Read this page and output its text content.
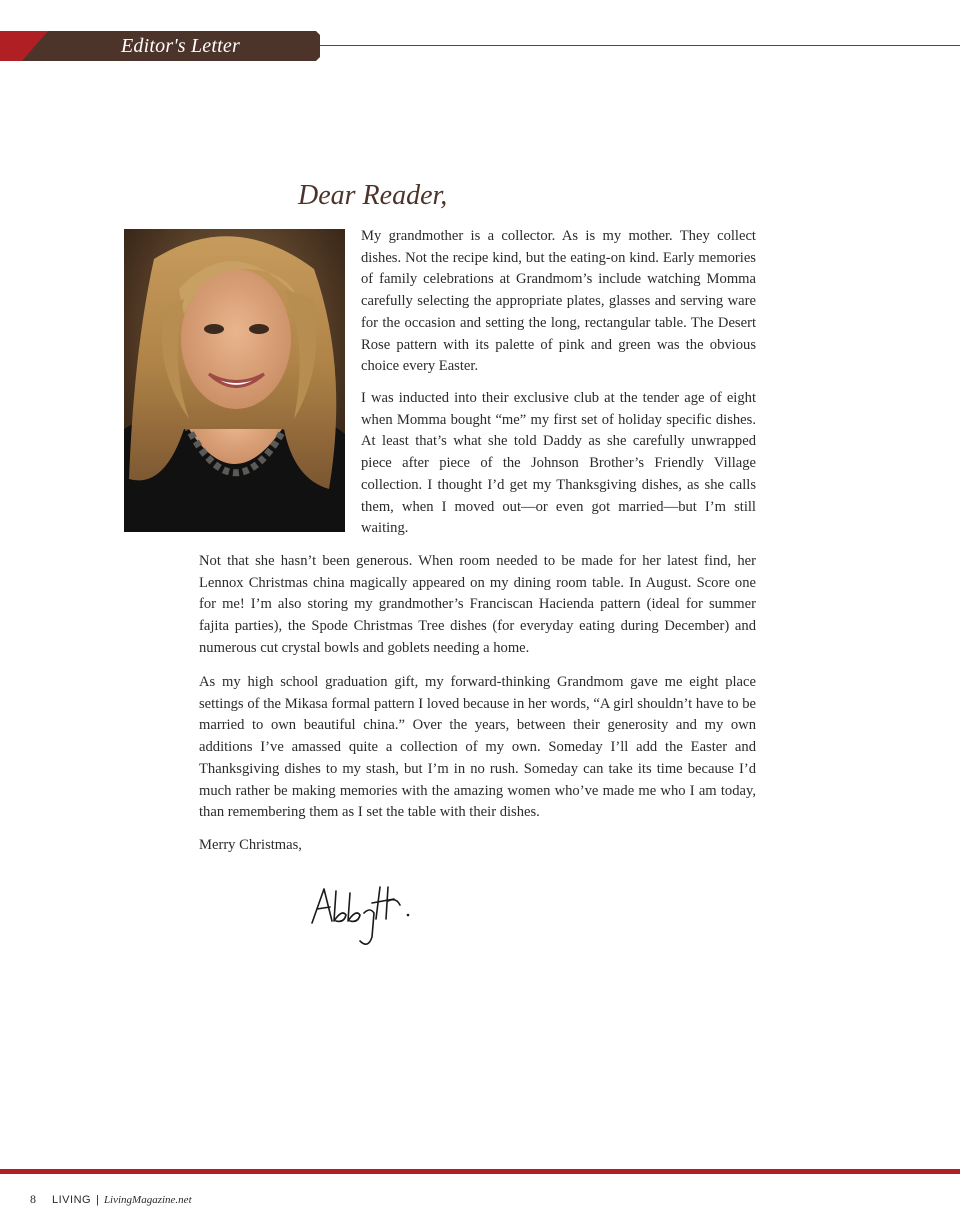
Editor's Letter
Dear Reader,

My grandmother is a collector. As is my mother. They collect dishes. Not the recipe kind, but the eating-on kind. Early memories of family celebrations at Grandmom’s include watching Momma carefully selecting the appropriate plates, glasses and serving ware for the occasion and setting the long, rectangular table. The Desert Rose pattern with its palette of pink and green was the obvious choice every Easter.

I was inducted into their exclusive club at the tender age of eight when Momma bought “me” my first set of holiday specific dishes. At least that’s what she told Daddy as she carefully unwrapped piece after piece of the Johnson Brother’s Friendly Village collection. I thought I’d get my Thanksgiving dishes, as she calls them, when I moved out—or even got married—but I’m still waiting.

Not that she hasn’t been generous. When room needed to be made for her latest find, her Lennox Christmas china magically appeared on my dining room table. In August. Score one for me! I’m also storing my grandmother’s Franciscan Hacienda pattern (ideal for summer fajita parties), the Spode Christmas Tree dishes (for everyday eating during December) and numerous cut crystal bowls and goblets needing a home.

As my high school graduation gift, my forward-thinking Grandmom gave me eight place settings of the Mikasa formal pattern I loved because in her words, “A girl shouldn’t have to be married to own beautiful china.” Over the years, between their generosity and my own additions I’ve amassed quite a collection of my own. Someday I’ll add the Easter and Thanksgiving dishes to my stash, but I’m in no rush. Someday can take its time because I’d much rather be making memories with the amazing women who’ve made me who I am today, than remembering them as I set the table with their dishes.

Merry Christmas,
8 LIVING | LivingMagazine.net
